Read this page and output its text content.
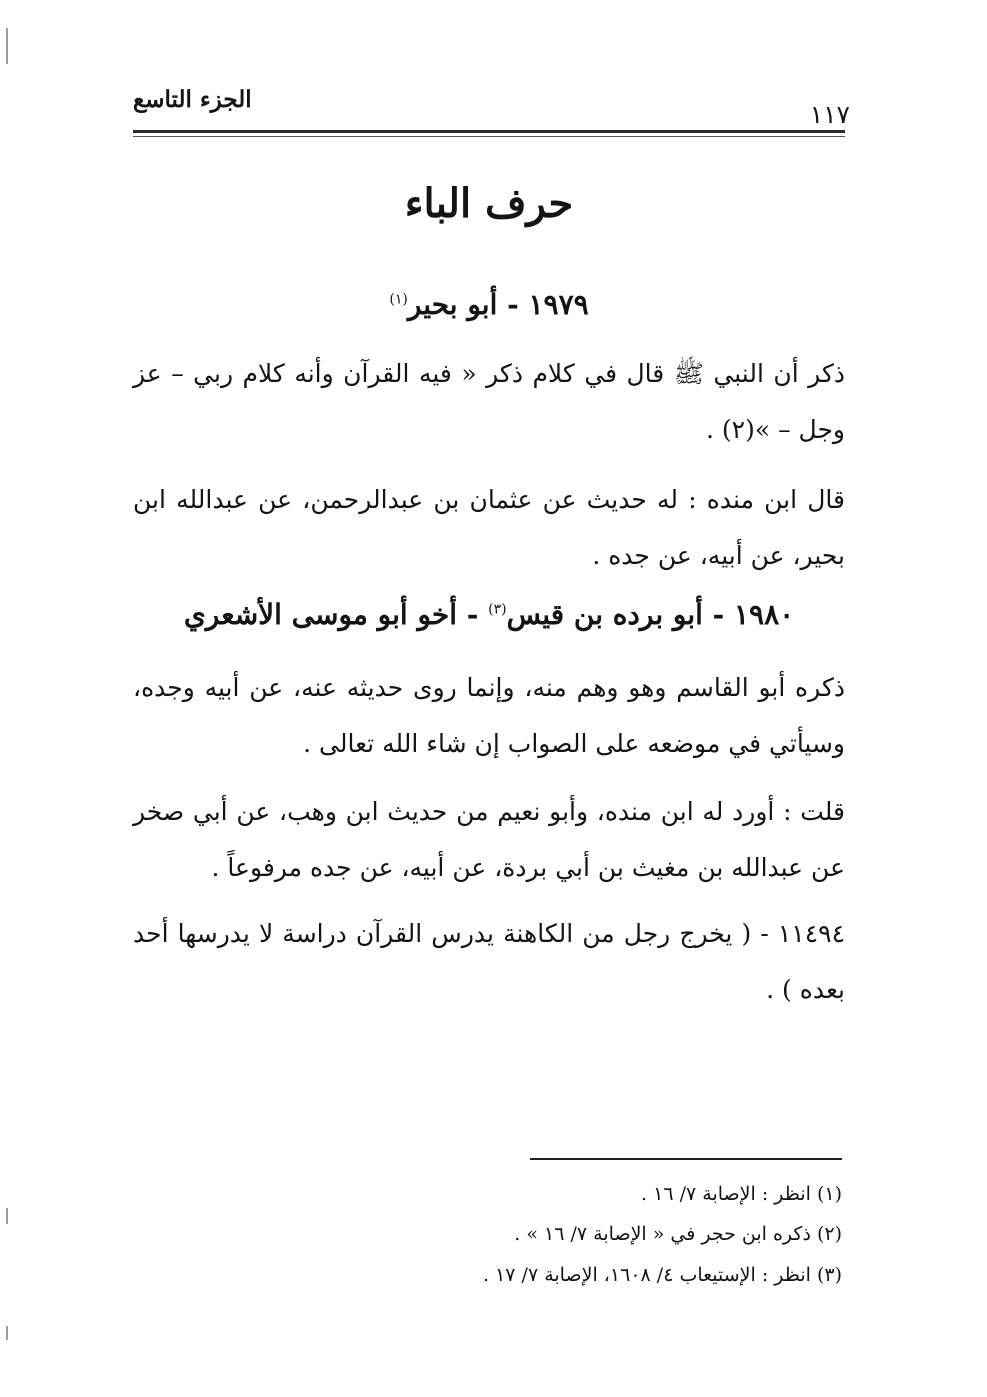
الجزء التاسع
١١٧
حرف الباء
١٩٧٩ - أبو بحير$^{(١)}$
ذكر أن النبي ﷺ قال في كلام ذكر « فيه القرآن وأنه كلام ربي – عز وجل – »(٢) .
قال ابن منده : له حديث عن عثمان بن عبدالرحمن، عن عبدالله ابن بحير، عن أبيه، عن جده .
١٩٨٠ - أبو برده بن قيس$^{(٣)}$ - أخو أبو موسى الأشعري
ذكره أبو القاسم وهو وهم منه، وإنما روى حديثه عنه، عن أبيه وجده، وسيأتي في موضعه على الصواب إن شاء الله تعالى .
قلت : أورد له ابن منده، وأبو نعيم من حديث ابن وهب، عن أبي صخر عن عبدالله بن مغيث بن أبي بردة، عن أبيه، عن جده مرفوعاً .
١١٤٩٤ - ( يخرج رجل من الكاهنة يدرس القرآن دراسة لا يدرسها أحد بعده ) .
(١) انظر : الإصابة ٧/ ١٦ .
(٢) ذكره ابن حجر في « الإصابة ٧/ ١٦ » .
(٣) انظر : الإستيعاب ٤/ ١٦٠٨، الإصابة ٧/ ١٧ .
